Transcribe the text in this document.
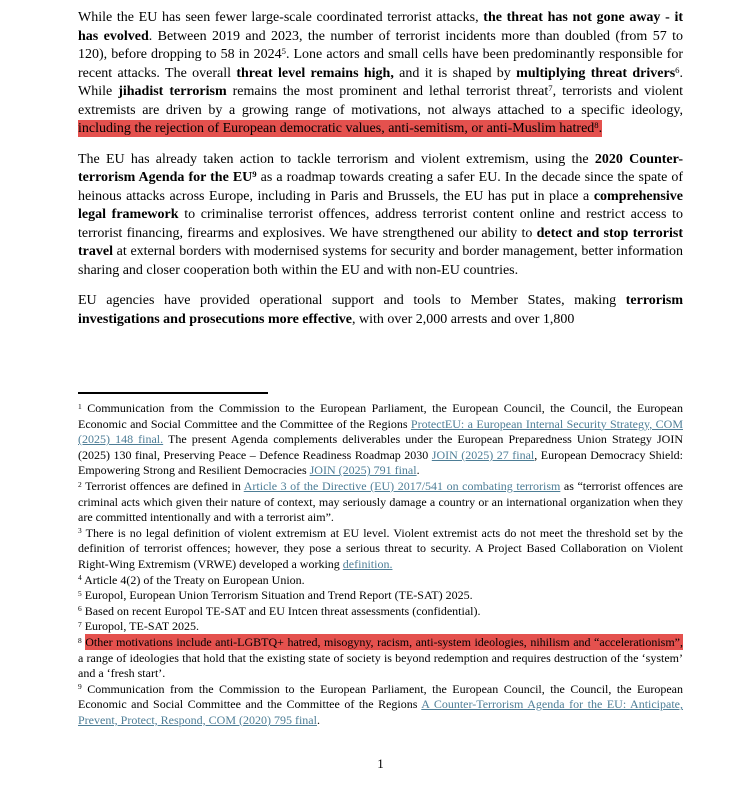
While the EU has seen fewer large-scale coordinated terrorist attacks, the threat has not gone away - it has evolved. Between 2019 and 2023, the number of terrorist incidents more than doubled (from 57 to 120), before dropping to 58 in 2024$^5$. Lone actors and small cells have been predominantly responsible for recent attacks. The overall threat level remains high, and it is shaped by multiplying threat drivers$^6$. While jihadist terrorism remains the most prominent and lethal terrorist threat$^7$, terrorists and violent extremists are driven by a growing range of motivations, not always attached to a specific ideology, including the rejection of European democratic values, anti-semitism, or anti-Muslim hatred$^8$.

The EU has already taken action to tackle terrorism and violent extremism, using the 2020 Counter-terrorism Agenda for the $EU^9$ as a roadmap towards creating a safer EU. In the decade since the spate of heinous attacks across Europe, including in Paris and Brussels, the EU has put in place a comprehensive legal framework to criminalise terrorist offences, address terrorist content online and restrict access to terrorist financing, firearms and explosives. We have strengthened our ability to detect and stop terrorist travel at external borders with modernised systems for security and border management, better information sharing and closer cooperation both within the EU and with non-EU countries.

EU agencies have provided operational support and tools to Member States, making terrorism investigations and prosecutions more effective, with over 2,000 arrests and over 1,800

$^1$ Communication from the Commission to the European Parliament, the European Council, the Council, the European Economic and Social Committee and the Committee of the Regions ProtectEU: a European Internal Security Strategy, COM (2025) 148 final. The present Agenda complements deliverables under the European Preparedness Union Strategy JOIN (2025) 130 final, Preserving Peace – Defence Readiness Roadmap 2030 JOIN (2025) 27 final, European Democracy Shield: Empowering Strong and Resilient Democracies JOIN (2025) 791 final.
$^2$ Terrorist offences are defined in Article 3 of the Directive (EU) 2017/541 on combating terrorism as “terrorist offences are criminal acts which given their nature of context, may seriously damage a country or an international organization when they are committed intentionally and with a terrorist aim”.
$^3$ There is no legal definition of violent extremism at EU level. Violent extremist acts do not meet the threshold set by the definition of terrorist offences; however, they pose a serious threat to security. A Project Based Collaboration on Violent Right-Wing Extremism (VRWE) developed a working definition.
$^4$ Article 4(2) of the Treaty on European Union.
$^5$ Europol, European Union Terrorism Situation and Trend Report (TE-SAT) 2025.
$^6$ Based on recent Europol TE-SAT and EU Intcen threat assessments (confidential).
$^7$ Europol, TE-SAT 2025.
$^8$ Other motivations include anti-LGBTQ+ hatred, misogyny, racism, anti-system ideologies, nihilism and “accelerationism”, a range of ideologies that hold that the existing state of society is beyond redemption and requires destruction of the ‘system’ and a ‘fresh start’.
$^9$ Communication from the Commission to the European Parliament, the European Council, the Council, the European Economic and Social Committee and the Committee of the Regions A Counter-Terrorism Agenda for the EU: Anticipate, Prevent, Protect, Respond, COM (2020) 795 final.
1
